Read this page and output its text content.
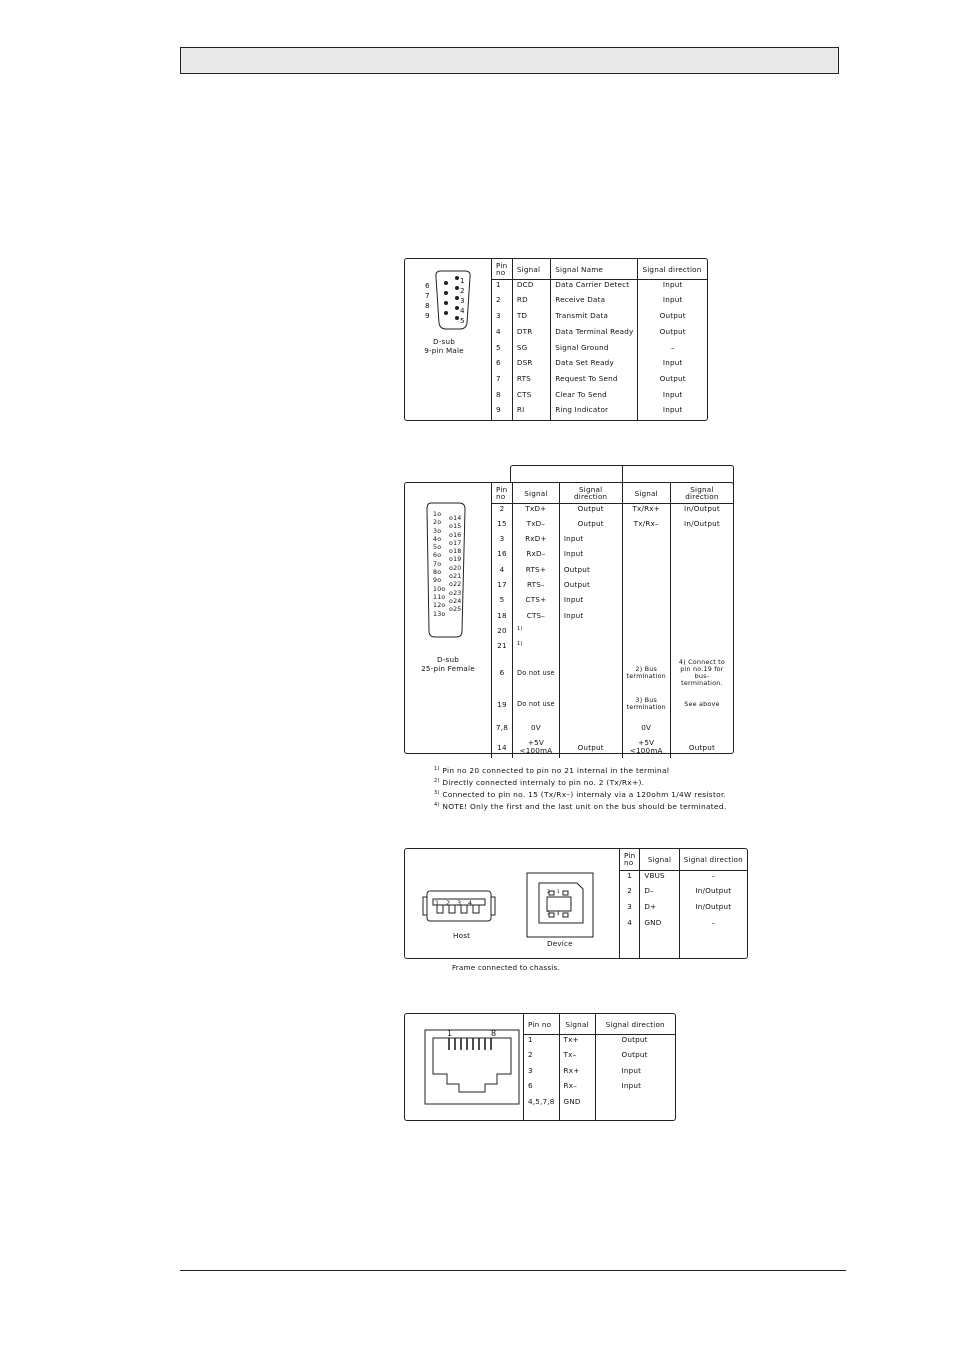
1
2
3
4
5
6
7
8
9
D-sub
9-pin Male
Pin no	Signal	Signal Name	Signal direction
1	DCD	Data Carrier Detect	Input
2	RD	Receive Data	Input
3	TD	Transmit Data	Output
4	DTR	Data Terminal Ready	Output
5	SG	Signal Ground	–
6	DSR	Data Set Ready	Input
7	RTS	Request To Send	Output
8	CTS	Clear To Send	Input
9	RI	Ring Indicator	Input
1o
2o
3o
4o
5o
6o
7o
8o
9o
10o
11o
12o
13o
o14
o15
o16
o17
o18
o19
o20
o21
o22
o23
o24
o25
D-sub
25-pin Female
Pin no	Signal	Signal direction	Signal	Signal direction
2	TxD+	Output	Tx/Rx+	In/Output
15	TxD–	Output	Tx/Rx–	In/Output
3	RxD+	Input		
16	RxD–	Input		
4	RTS+	Output		
17	RTS–	Output		
5	CTS+	Input		
18	CTS–	Input		
20	1)			
21	1)			
6	Do not use		2) Bus termination	4) Connect to pin no.19 for bus-termination.
19	Do not use		3) Bus termination	See above
7,8	0V		0V	
14	+5V <100mA	Output	+5V <100mA	Output
$^{1)}$ Pin no 20 connected to pin no 21 internal in the terminal
$^{2)}$ Directly connected internaly to pin no. 2 (Tx/Rx+).
$^{3)}$ Connected to pin no. 15 (Tx/Rx–) internaly via a 120ohm 1/4W resistor.
$^{4)}$ NOTE! Only the first and the last unit on the bus should be terminated.
1 2 3 4
Host
2 1
3 4
Device
Pin no	Signal	Signal direction
1	VBUS	–
2	D–	In/Output
3	D+	In/Output
4	GND	–
Frame connected to chassis.
1	8
Pin no	Signal	Signal direction
1	Tx+	Output
2	Tx–	Output
3	Rx+	Input
6	Rx–	Input
4,5,7,8	GND	
